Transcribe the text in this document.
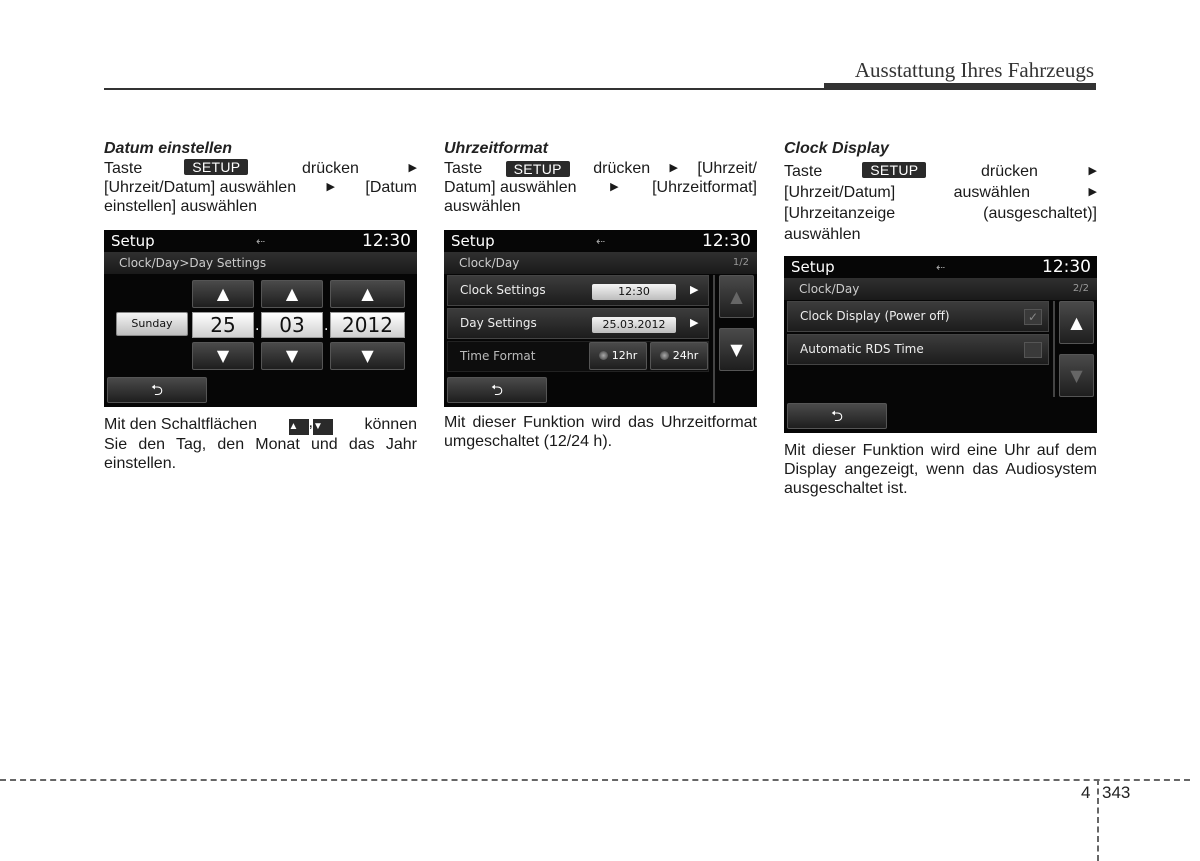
Ausstattung Ihres Fahrzeugs
Datum einstellen
Taste	SETUP	drücken	▶
[Uhrzeit/Datum] auswählen	▶ [Datum
einstellen] auswählen
Setup	⇠	12:30
Clock/Day>Day Settings
▲	▲	▲
Sunday	25	. 03	. 2012
▼	▼	▼
⮌
Mit den Schaltflächen	▲ ,▼	können
Sie den Tag, den Monat und das Jahr einstellen.
Uhrzeitformat
Taste	SETUP	drücken ▶ [Uhrzeit/
Datum] auswählen	▶ [Uhrzeitformat]
auswählen
Setup	⇠	12:30
Clock/Day	1/2
Clock Settings	12:30	▶
Day Settings	25.03.2012	▶
Time Format	12hr	24hr
▲
▼
⮌
Mit dieser Funktion wird das Uhrzeitformat umgeschaltet (12/24 h).
Clock Display
Taste	SETUP	drücken	▶
[Uhrzeit/Datum]	auswählen	▶
[Uhrzeitanzeige	(ausgeschaltet)]
auswählen
Setup	⇠	12:30
Clock/Day	2/2
Clock Display (Power off)	✓
Automatic RDS Time
▲
▼
⮌
Mit dieser Funktion wird eine Uhr auf dem Display angezeigt, wenn das Audiosystem ausgeschaltet ist.
4 343
